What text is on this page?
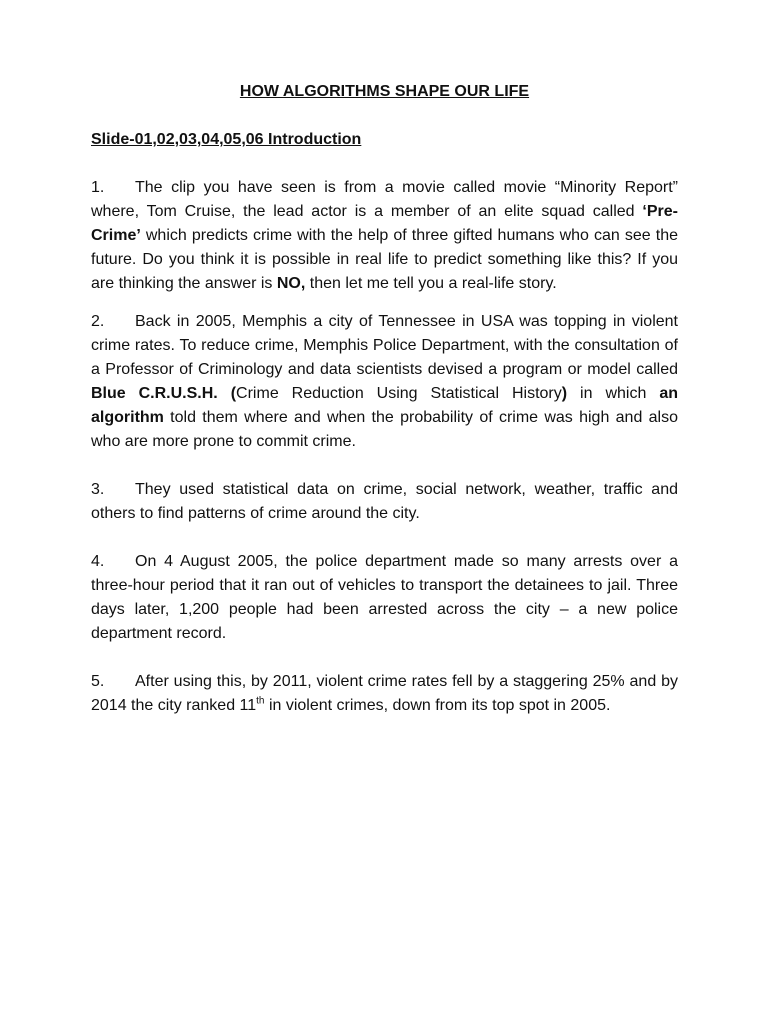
HOW ALGORITHMS SHAPE OUR LIFE
Slide-01,02,03,04,05,06 Introduction

1. The clip you have seen is from a movie called movie “Minority Report” where, Tom Cruise, the lead actor is a member of an elite squad called ‘Pre-Crime’ which predicts crime with the help of three gifted humans who can see the future. Do you think it is possible in real life to predict something like this? If you are thinking the answer is NO, then let me tell you a real-life story.

2. Back in 2005, Memphis a city of Tennessee in USA was topping in violent crime rates. To reduce crime, Memphis Police Department, with the consultation of a Professor of Criminology and data scientists devised a program or model called Blue C.R.U.S.H. (Crime Reduction Using Statistical History) in which an algorithm told them where and when the probability of crime was high and also who are more prone to commit crime.

3. They used statistical data on crime, social network, weather, traffic and others to find patterns of crime around the city.

4. On 4 August 2005, the police department made so many arrests over a three-hour period that it ran out of vehicles to transport the detainees to jail. Three days later, 1,200 people had been arrested across the city – a new police department record.

5. After using this, by 2011, violent crime rates fell by a staggering 25% and by 2014 the city ranked 11th in violent crimes, down from its top spot in 2005.
